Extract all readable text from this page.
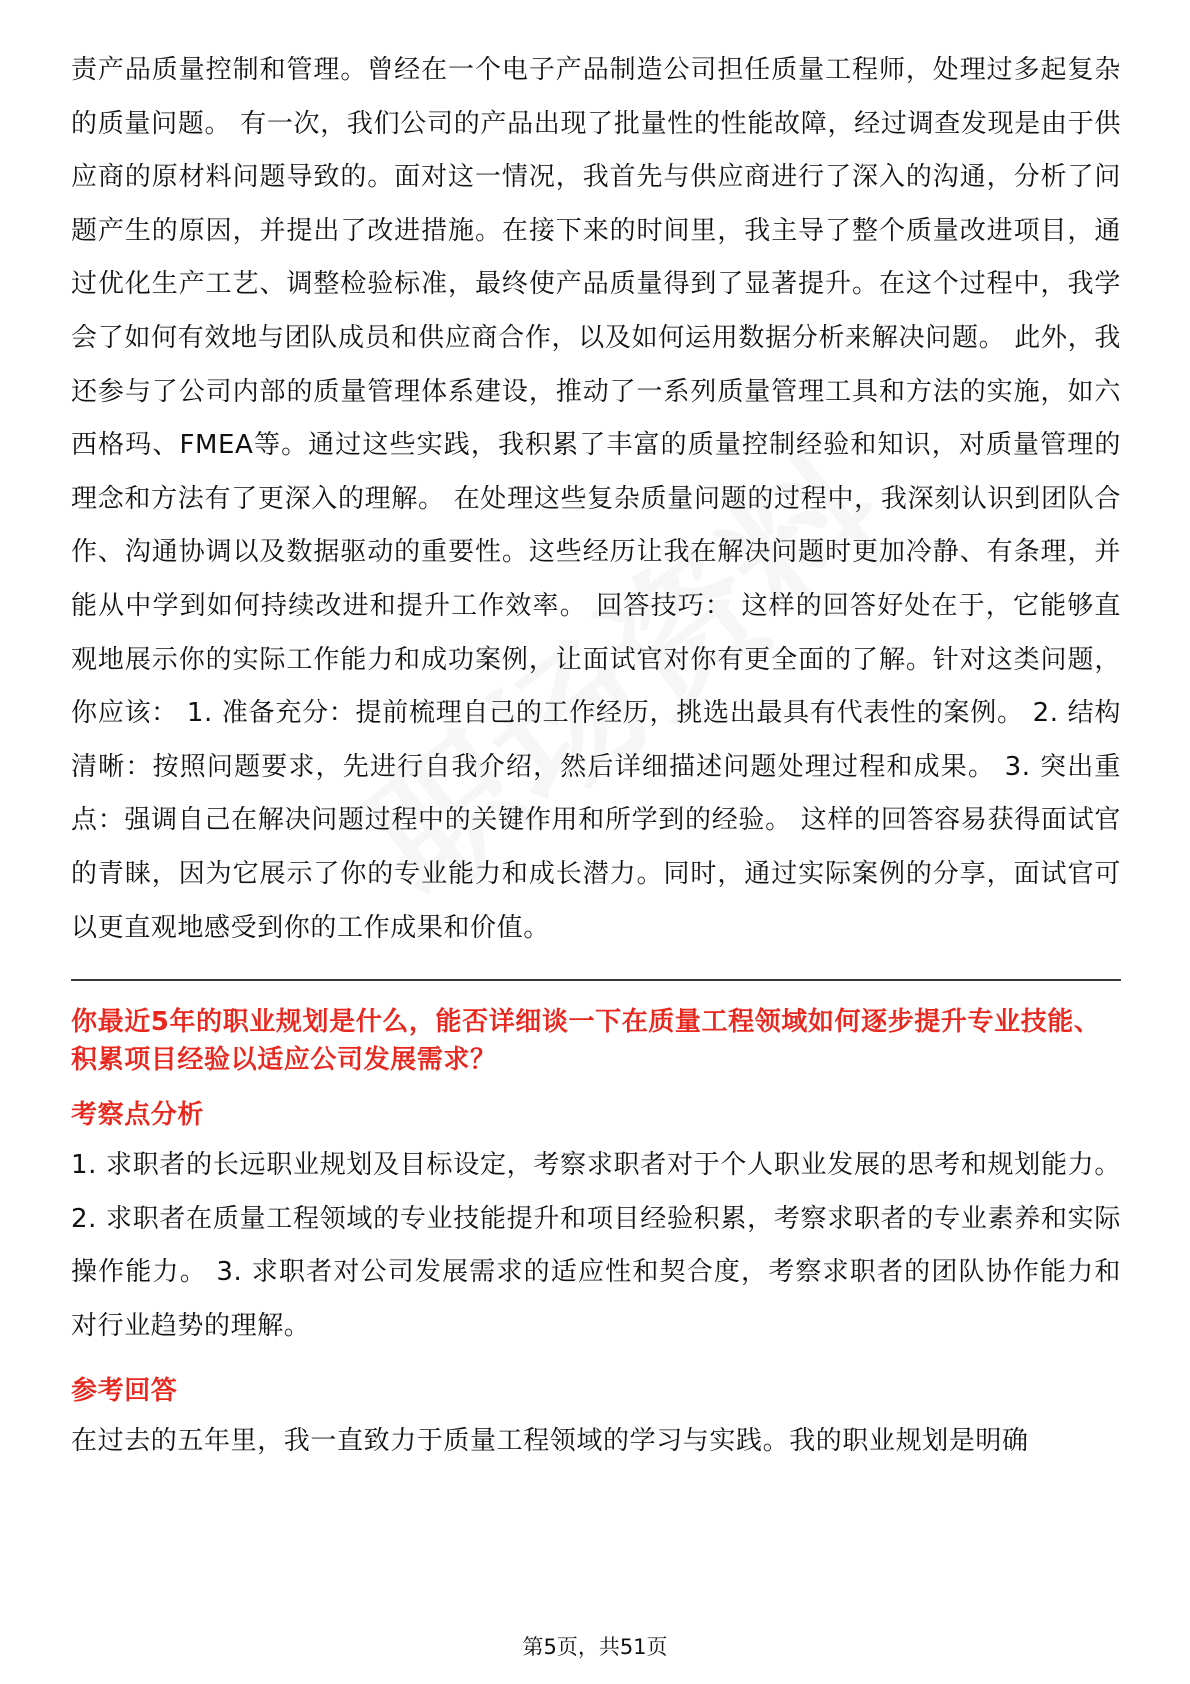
责产品质量控制和管理。曾经在一个电子产品制造公司担任质量工程师，处理过多起复杂的质量问题。 有一次，我们公司的产品出现了批量性的性能故障，经过调查发现是由于供应商的原材料问题导致的。面对这一情况，我首先与供应商进行了深入的沟通，分析了问题产生的原因，并提出了改进措施。在接下来的时间里，我主导了整个质量改进项目，通过优化生产工艺、调整检验标准，最终使产品质量得到了显著提升。在这个过程中，我学会了如何有效地与团队成员和供应商合作，以及如何运用数据分析来解决问题。 此外，我还参与了公司内部的质量管理体系建设，推动了一系列质量管理工具和方法的实施，如六西格玛、FMEA等。通过这些实践，我积累了丰富的质量控制经验和知识，对质量管理的理念和方法有了更深入的理解。 在处理这些复杂质量问题的过程中，我深刻认识到团队合作、沟通协调以及数据驱动的重要性。这些经历让我在解决问题时更加冷静、有条理，并能从中学到如何持续改进和提升工作效率。 回答技巧： 这样的回答好处在于，它能够直观地展示你的实际工作能力和成功案例，让面试官对你有更全面的了解。针对这类问题，你应该： 1. 准备充分：提前梳理自己的工作经历，挑选出最具有代表性的案例。 2. 结构清晰：按照问题要求，先进行自我介绍，然后详细描述问题处理过程和成果。 3. 突出重点：强调自己在解决问题过程中的关键作用和所学到的经验。 这样的回答容易获得面试官的青睐，因为它展示了你的专业能力和成长潜力。同时，通过实际案例的分享，面试官可以更直观地感受到你的工作成果和价值。

你最近5年的职业规划是什么，能否详细谈一下在质量工程领域如何逐步提升专业技能、积累项目经验以适应公司发展需求？
考察点分析

1. 求职者的长远职业规划及目标设定，考察求职者对于个人职业发展的思考和规划能力。 2. 求职者在质量工程领域的专业技能提升和项目经验积累，考察求职者的专业素养和实际操作能力。 3. 求职者对公司发展需求的适应性和契合度，考察求职者的团队协作能力和对行业趋势的理解。

参考回答

在过去的五年里，我一直致力于质量工程领域的学习与实践。我的职业规划是明确

第5页，共51页
